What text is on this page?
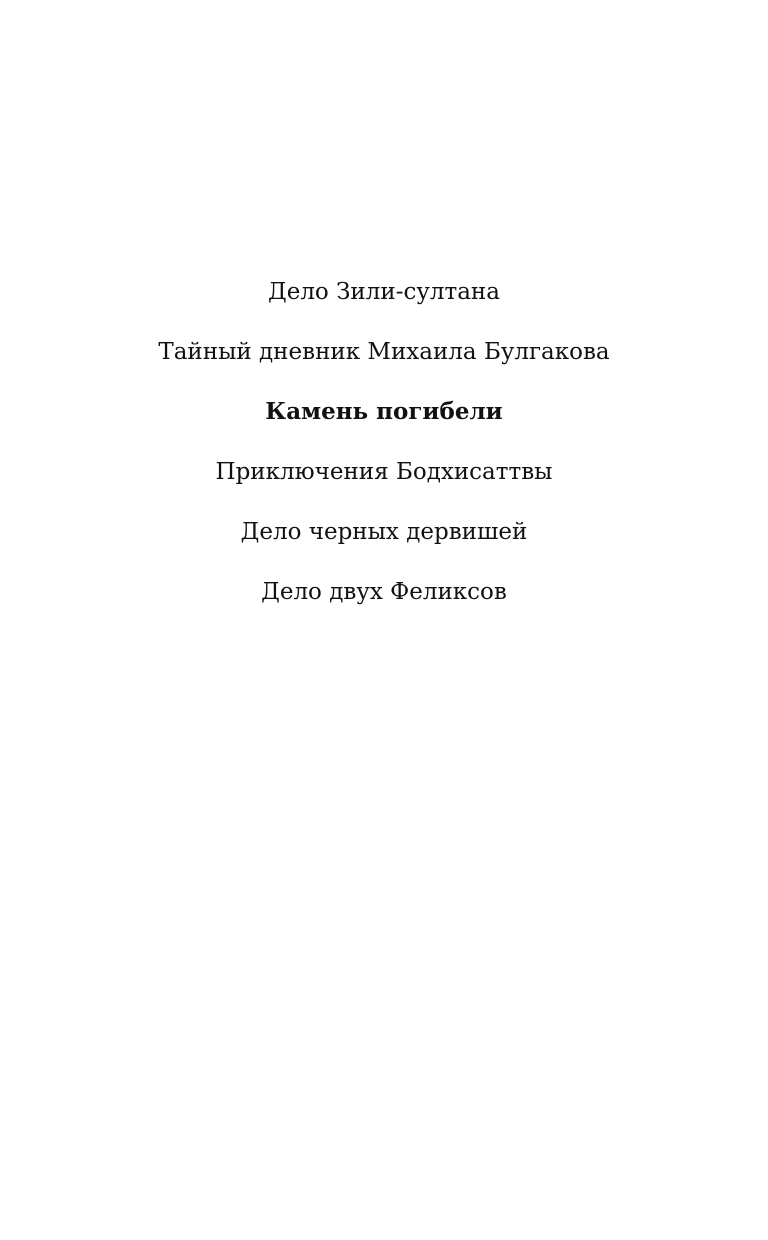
Дело Зили-султана
Тайный дневник Михаила Булгакова
Камень погибели
Приключения Бодхисаттвы
Дело черных дервишей
Дело двух Феликсов
